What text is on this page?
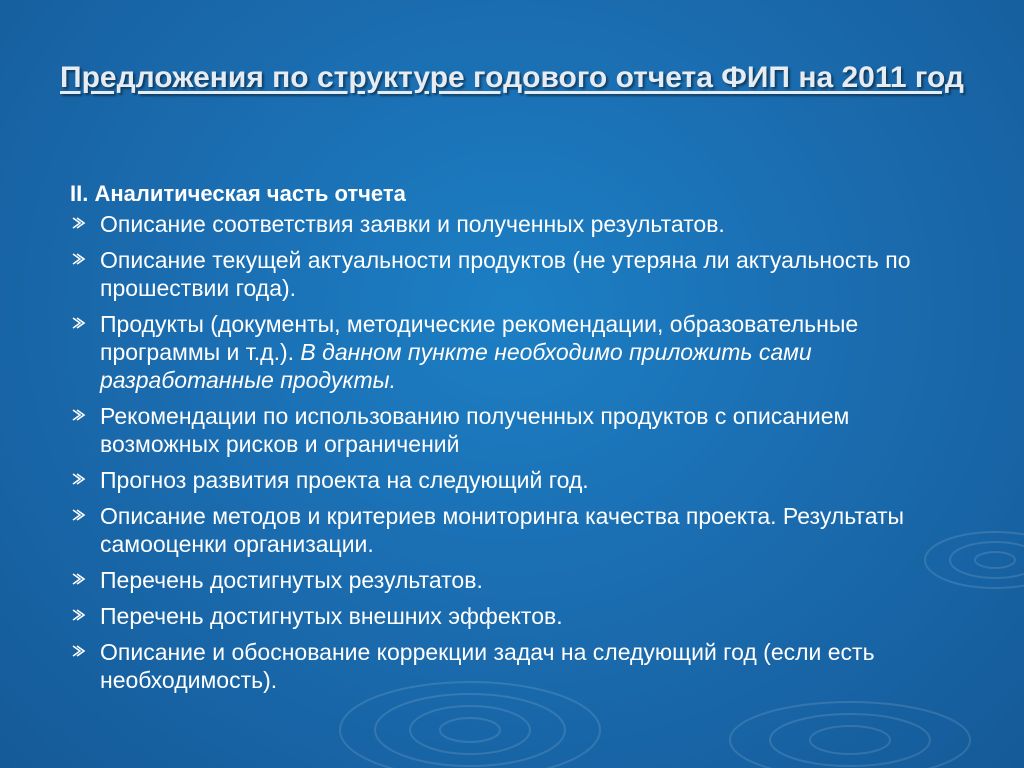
Предложения по структуре годового отчета ФИП на 2011 год
II. Аналитическая часть отчета
Описание соответствия заявки и полученных результатов.
Описание текущей актуальности продуктов (не утеряна ли актуальность по прошествии года).
Продукты (документы, методические рекомендации, образовательные программы и т.д.). В данном пункте необходимо приложить сами разработанные продукты.
Рекомендации по использованию полученных продуктов с описанием возможных рисков и ограничений
Прогноз развития проекта на следующий год.
Описание методов и критериев мониторинга качества проекта. Результаты самооценки организации.
Перечень достигнутых результатов.
Перечень достигнутых внешних эффектов.
Описание и обоснование коррекции задач на следующий год (если есть необходимость).
